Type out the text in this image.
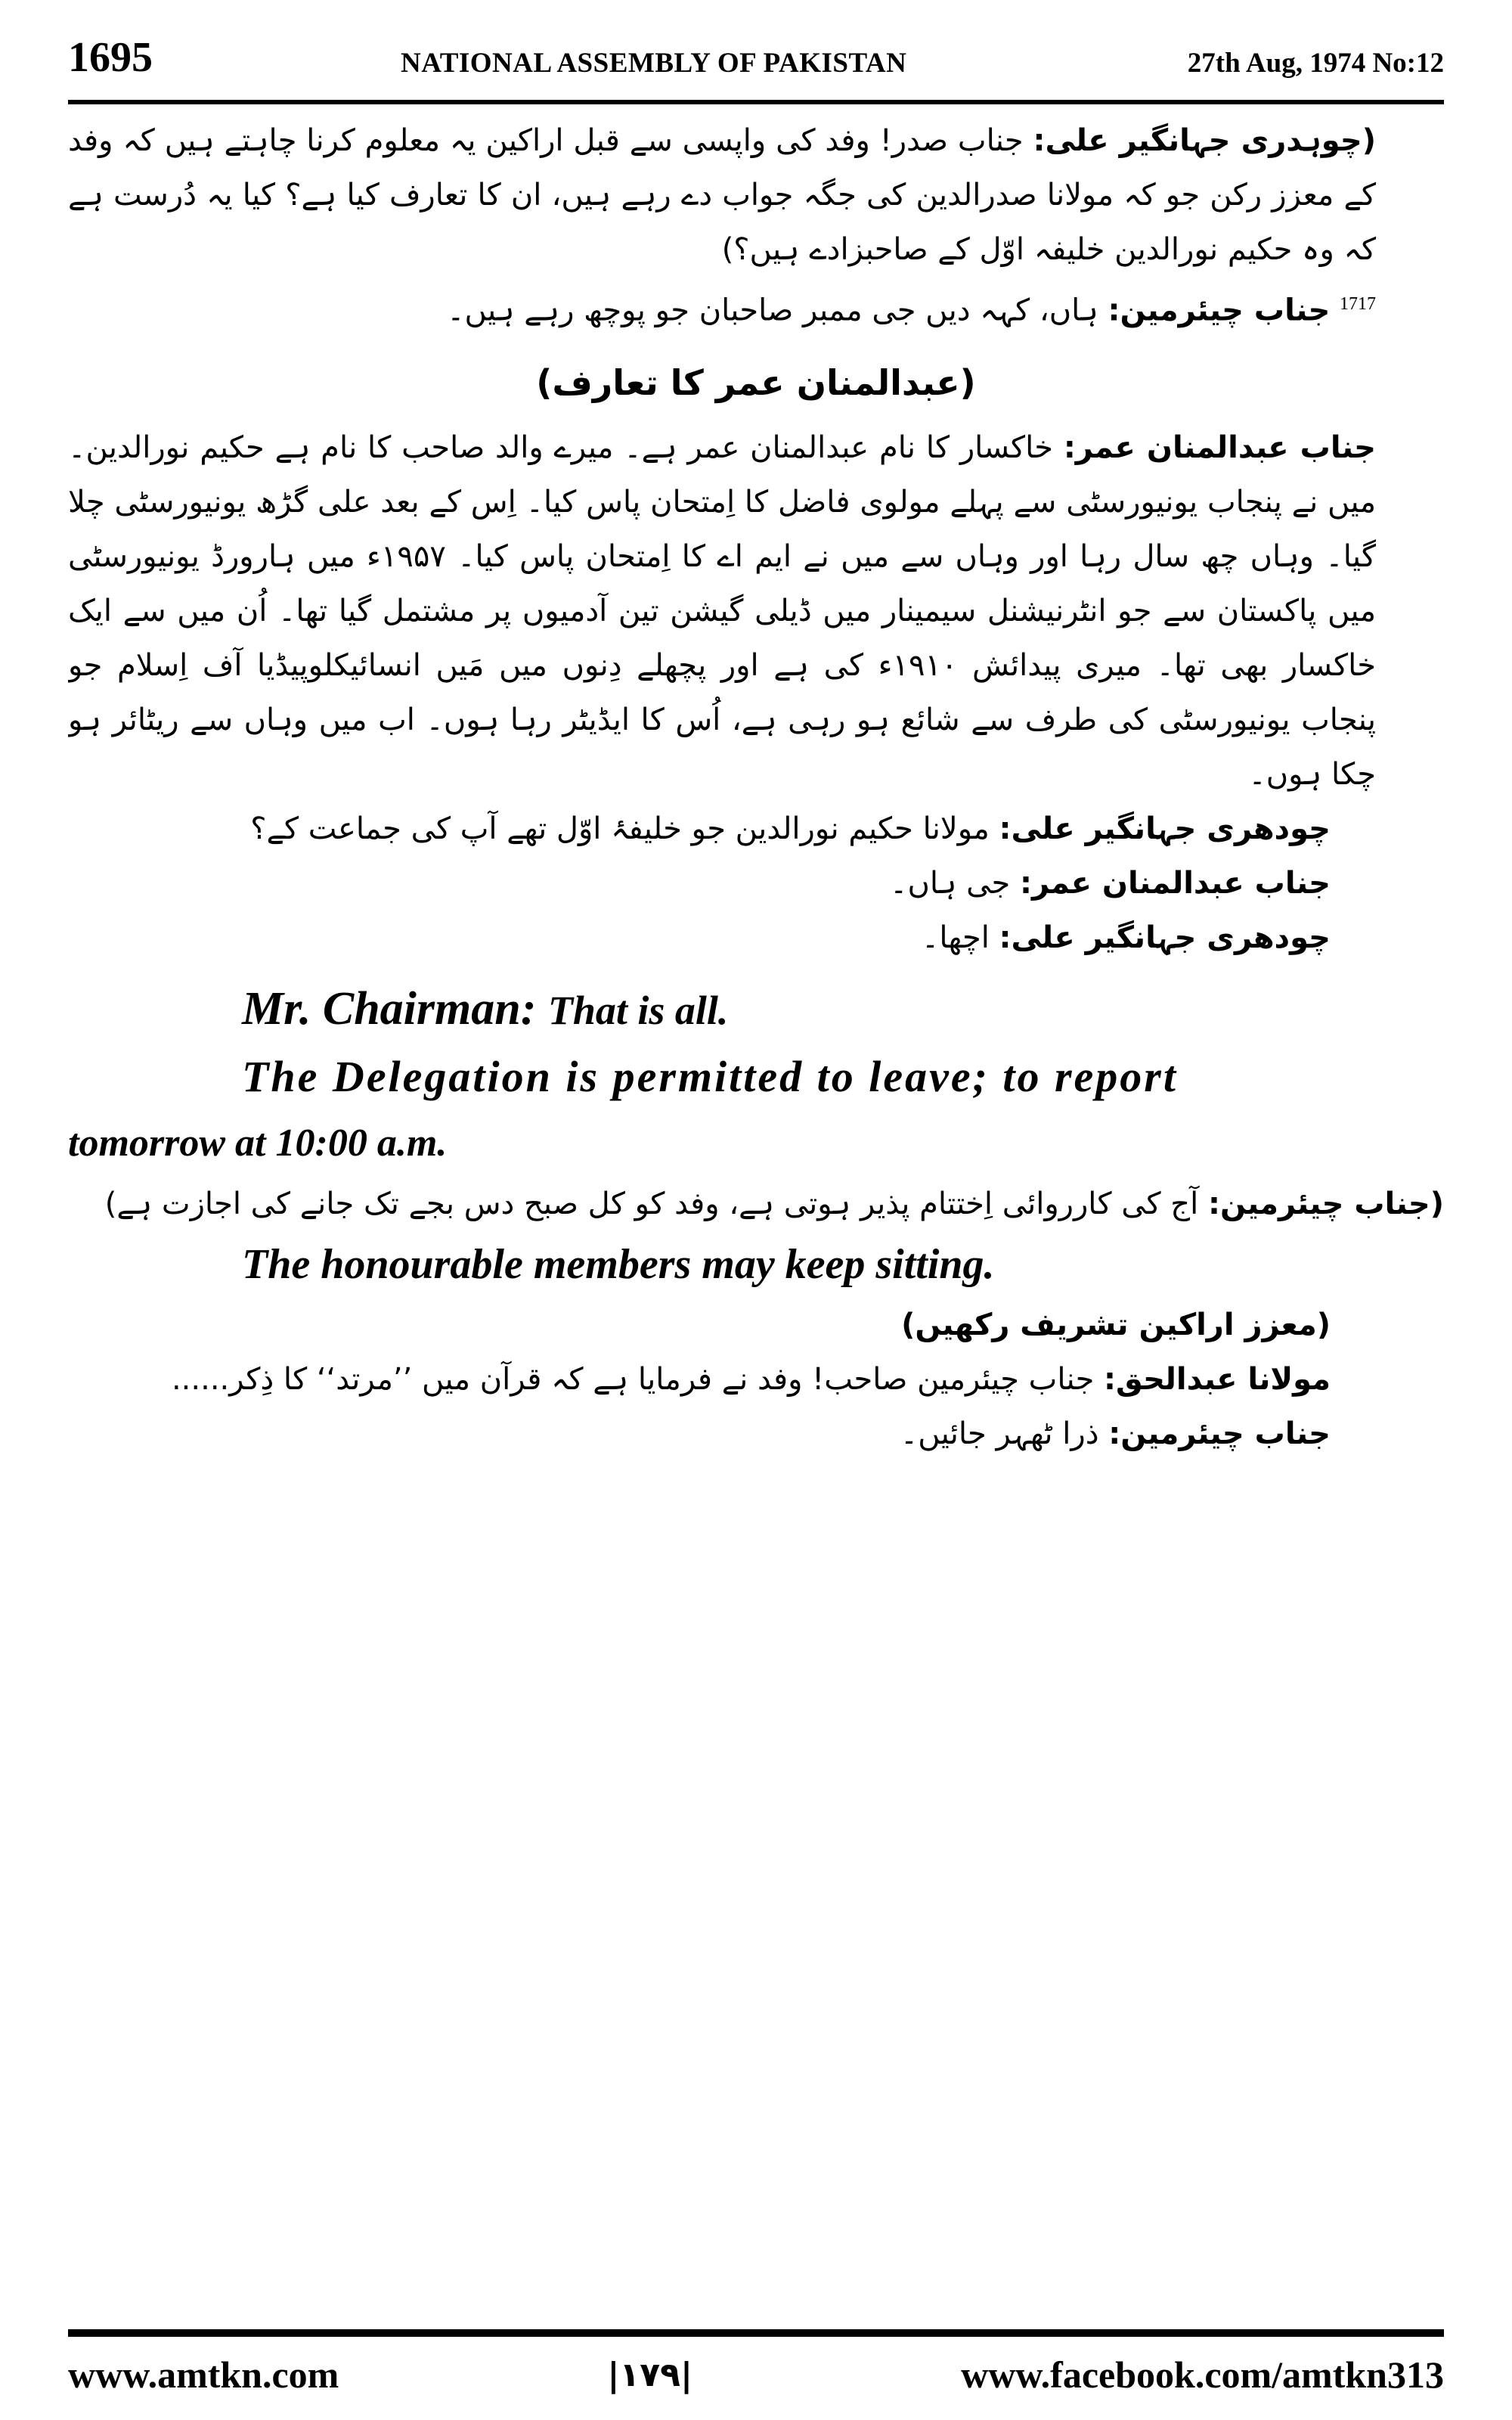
1695	NATIONAL ASSEMBLY OF PAKISTAN	27th Aug, 1974 No:12

(چوہدری جہانگیر علی: جناب صدر! وفد کی واپسی سے قبل اراکین یہ معلوم کرنا چاہتے ہیں کہ وفد کے معزز رکن جو کہ مولانا صدرالدین کی جگہ جواب دے رہے ہیں، ان کا تعارف کیا ہے؟ کیا یہ دُرست ہے کہ وہ حکیم نورالدین خلیفہ اوّل کے صاحبزادے ہیں؟)

$^{1717}$ جناب چیئرمین: ہاں، کہہ دیں جی ممبر صاحبان جو پوچھ رہے ہیں۔

(عبدالمنان عمر کا تعارف)

جناب عبدالمنان عمر: خاکسار کا نام عبدالمنان عمر ہے۔ میرے والد صاحب کا نام ہے حکیم نورالدین۔ میں نے پنجاب یونیورسٹی سے پہلے مولوی فاضل کا اِمتحان پاس کیا۔ اِس کے بعد علی گڑھ یونیورسٹی چلا گیا۔ وہاں چھ سال رہا اور وہاں سے میں نے ایم اے کا اِمتحان پاس کیا۔ ۱۹۵۷ء میں ہارورڈ یونیورسٹی میں پاکستان سے جو انٹرنیشنل سیمینار میں ڈیلی گیشن تین آدمیوں پر مشتمل گیا تھا۔ اُن میں سے ایک خاکسار بھی تھا۔ میری پیدائش ۱۹۱۰ء کی ہے اور پچھلے دِنوں میں مَیں انسائیکلوپیڈیا آف اِسلام جو پنجاب یونیورسٹی کی طرف سے شائع ہو رہی ہے، اُس کا ایڈیٹر رہا ہوں۔ اب میں وہاں سے ریٹائر ہو چکا ہوں۔

چودھری جہانگیر علی: مولانا حکیم نورالدین جو خلیفۂ اوّل تھے آپ کی جماعت کے؟

جناب عبدالمنان عمر: جی ہاں۔

چودھری جہانگیر علی: اچھا۔

Mr. Chairman: That is all.

The Delegation is permitted to leave; to report

tomorrow at 10:00 a.m.

(جناب چیئرمین: آج کی کارروائی اِختتام پذیر ہوتی ہے، وفد کو کل صبح دس بجے تک جانے کی اجازت ہے)

The honourable members may keep sitting.

(معزز اراکین تشریف رکھیں)

مولانا عبدالحق: جناب چیئرمین صاحب! وفد نے فرمایا ہے کہ قرآن میں ’’مرتد‘‘ کا ذِکر......

جناب چیئرمین: ذرا ٹھہر جائیں۔

www.amtkn.com	|۱۷۹|	www.facebook.com/amtkn313
